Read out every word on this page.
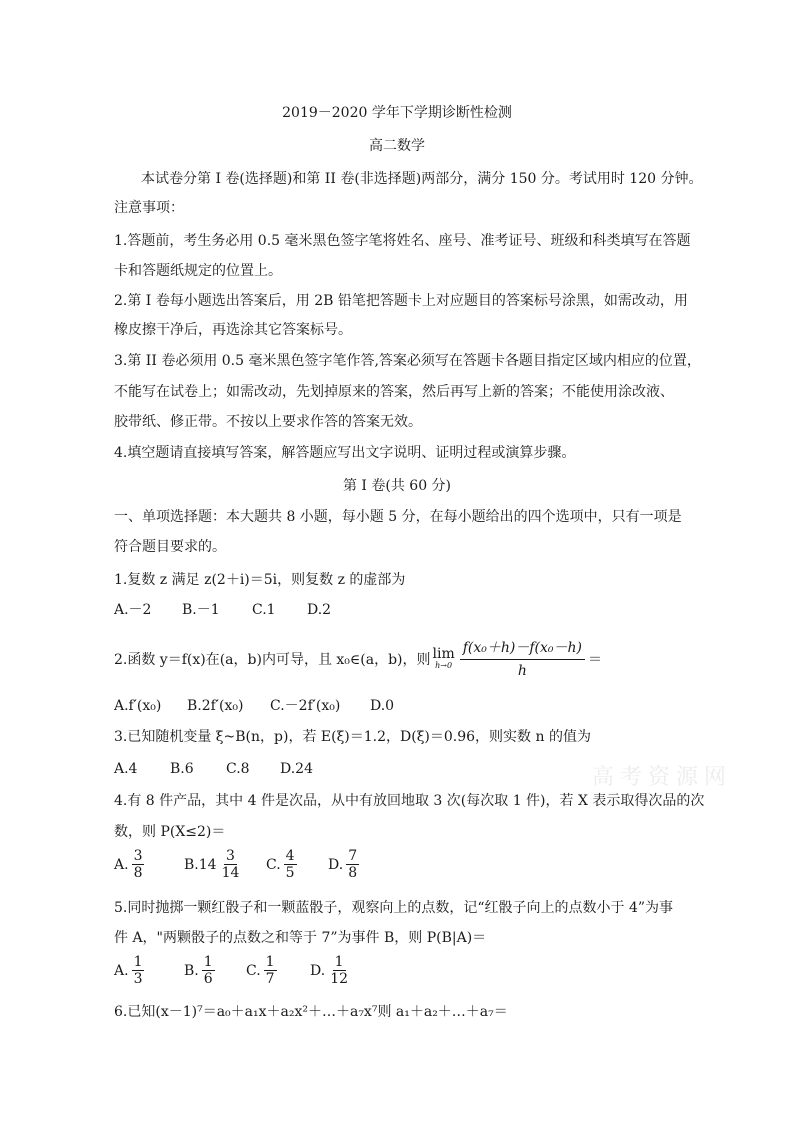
2019－2020 学年下学期诊断性检测
高二数学
本试卷分第 I 卷(选择题)和第 II 卷(非选择题)两部分，满分 150 分。考试用时 120 分钟。
注意事项：
1.答题前，考生务必用 0.5 毫米黑色签字笔将姓名、座号、准考证号、班级和科类填写在答题
卡和答题纸规定的位置上。
2.第 I 卷每小题选出答案后，用 2B 铅笔把答题卡上对应题目的答案标号涂黑，如需改动，用
橡皮擦干净后，再选涂其它答案标号。
3.第 II 卷必须用 0.5 毫米黑色签字笔作答,答案必须写在答题卡各题目指定区域内相应的位置，
不能写在试卷上；如需改动，先划掉原来的答案，然后再写上新的答案；不能使用涂改液、
胶带纸、修正带。不按以上要求作答的答案无效。
4.填空题请直接填写答案，解答题应写出文字说明、证明过程或演算步骤。
第 I 卷(共 60 分)
一、单项选择题：本大题共 8 小题，每小题 5 分，在每小题给出的四个选项中，只有一项是
符合题目要求的。
1.复数 z 满足 z(2＋i)＝5i，则复数 z 的虚部为
A.－2 B.－1 C.1 D.2
2.函数 y＝f(x)在(a，b)内可导，且 x₀∈(a，b)，则 lim
$h\to 0 \frac{\text{f(x₀＋h)－f(x₀－h)}}{h}$ ＝
A.f′(x₀) B.2f′(x₀) C.－2f′(x₀) D.0
3.已知随机变量 ξ~B(n，p)，若 E(ξ)＝1.2，D(ξ)＝0.96，则实数 n 的值为
A.4 B.6 C.8 D.24	高考资源网
4.有 8 件产品，其中 4 件是次品，从中有放回地取 3 次(每次取 1 件)，若 X 表示取得次品的次
数，则 P(X≤2)＝
A. $\frac{3}{8}$	$B.14 \frac{3}{14} C$. $\frac{4}{5} D$. $\frac{7}{8}$
5.同时抛掷一颗红骰子和一颗蓝骰子，观察向上的点数，记“红骰子向上的点数小于 4”为事
件 A，"两颗骰子的点数之和等于 7”为事件 B，则 P(B|A)＝
A. $\frac{1}{3}$	B. $\frac{1}{6} C$. $\frac{1}{7} D$. $\frac{1}{12}$
6.已知(x－1)⁷＝a₀＋a₁x＋a₂x²＋…＋a₇x⁷则 a₁＋a₂＋…＋a₇＝
